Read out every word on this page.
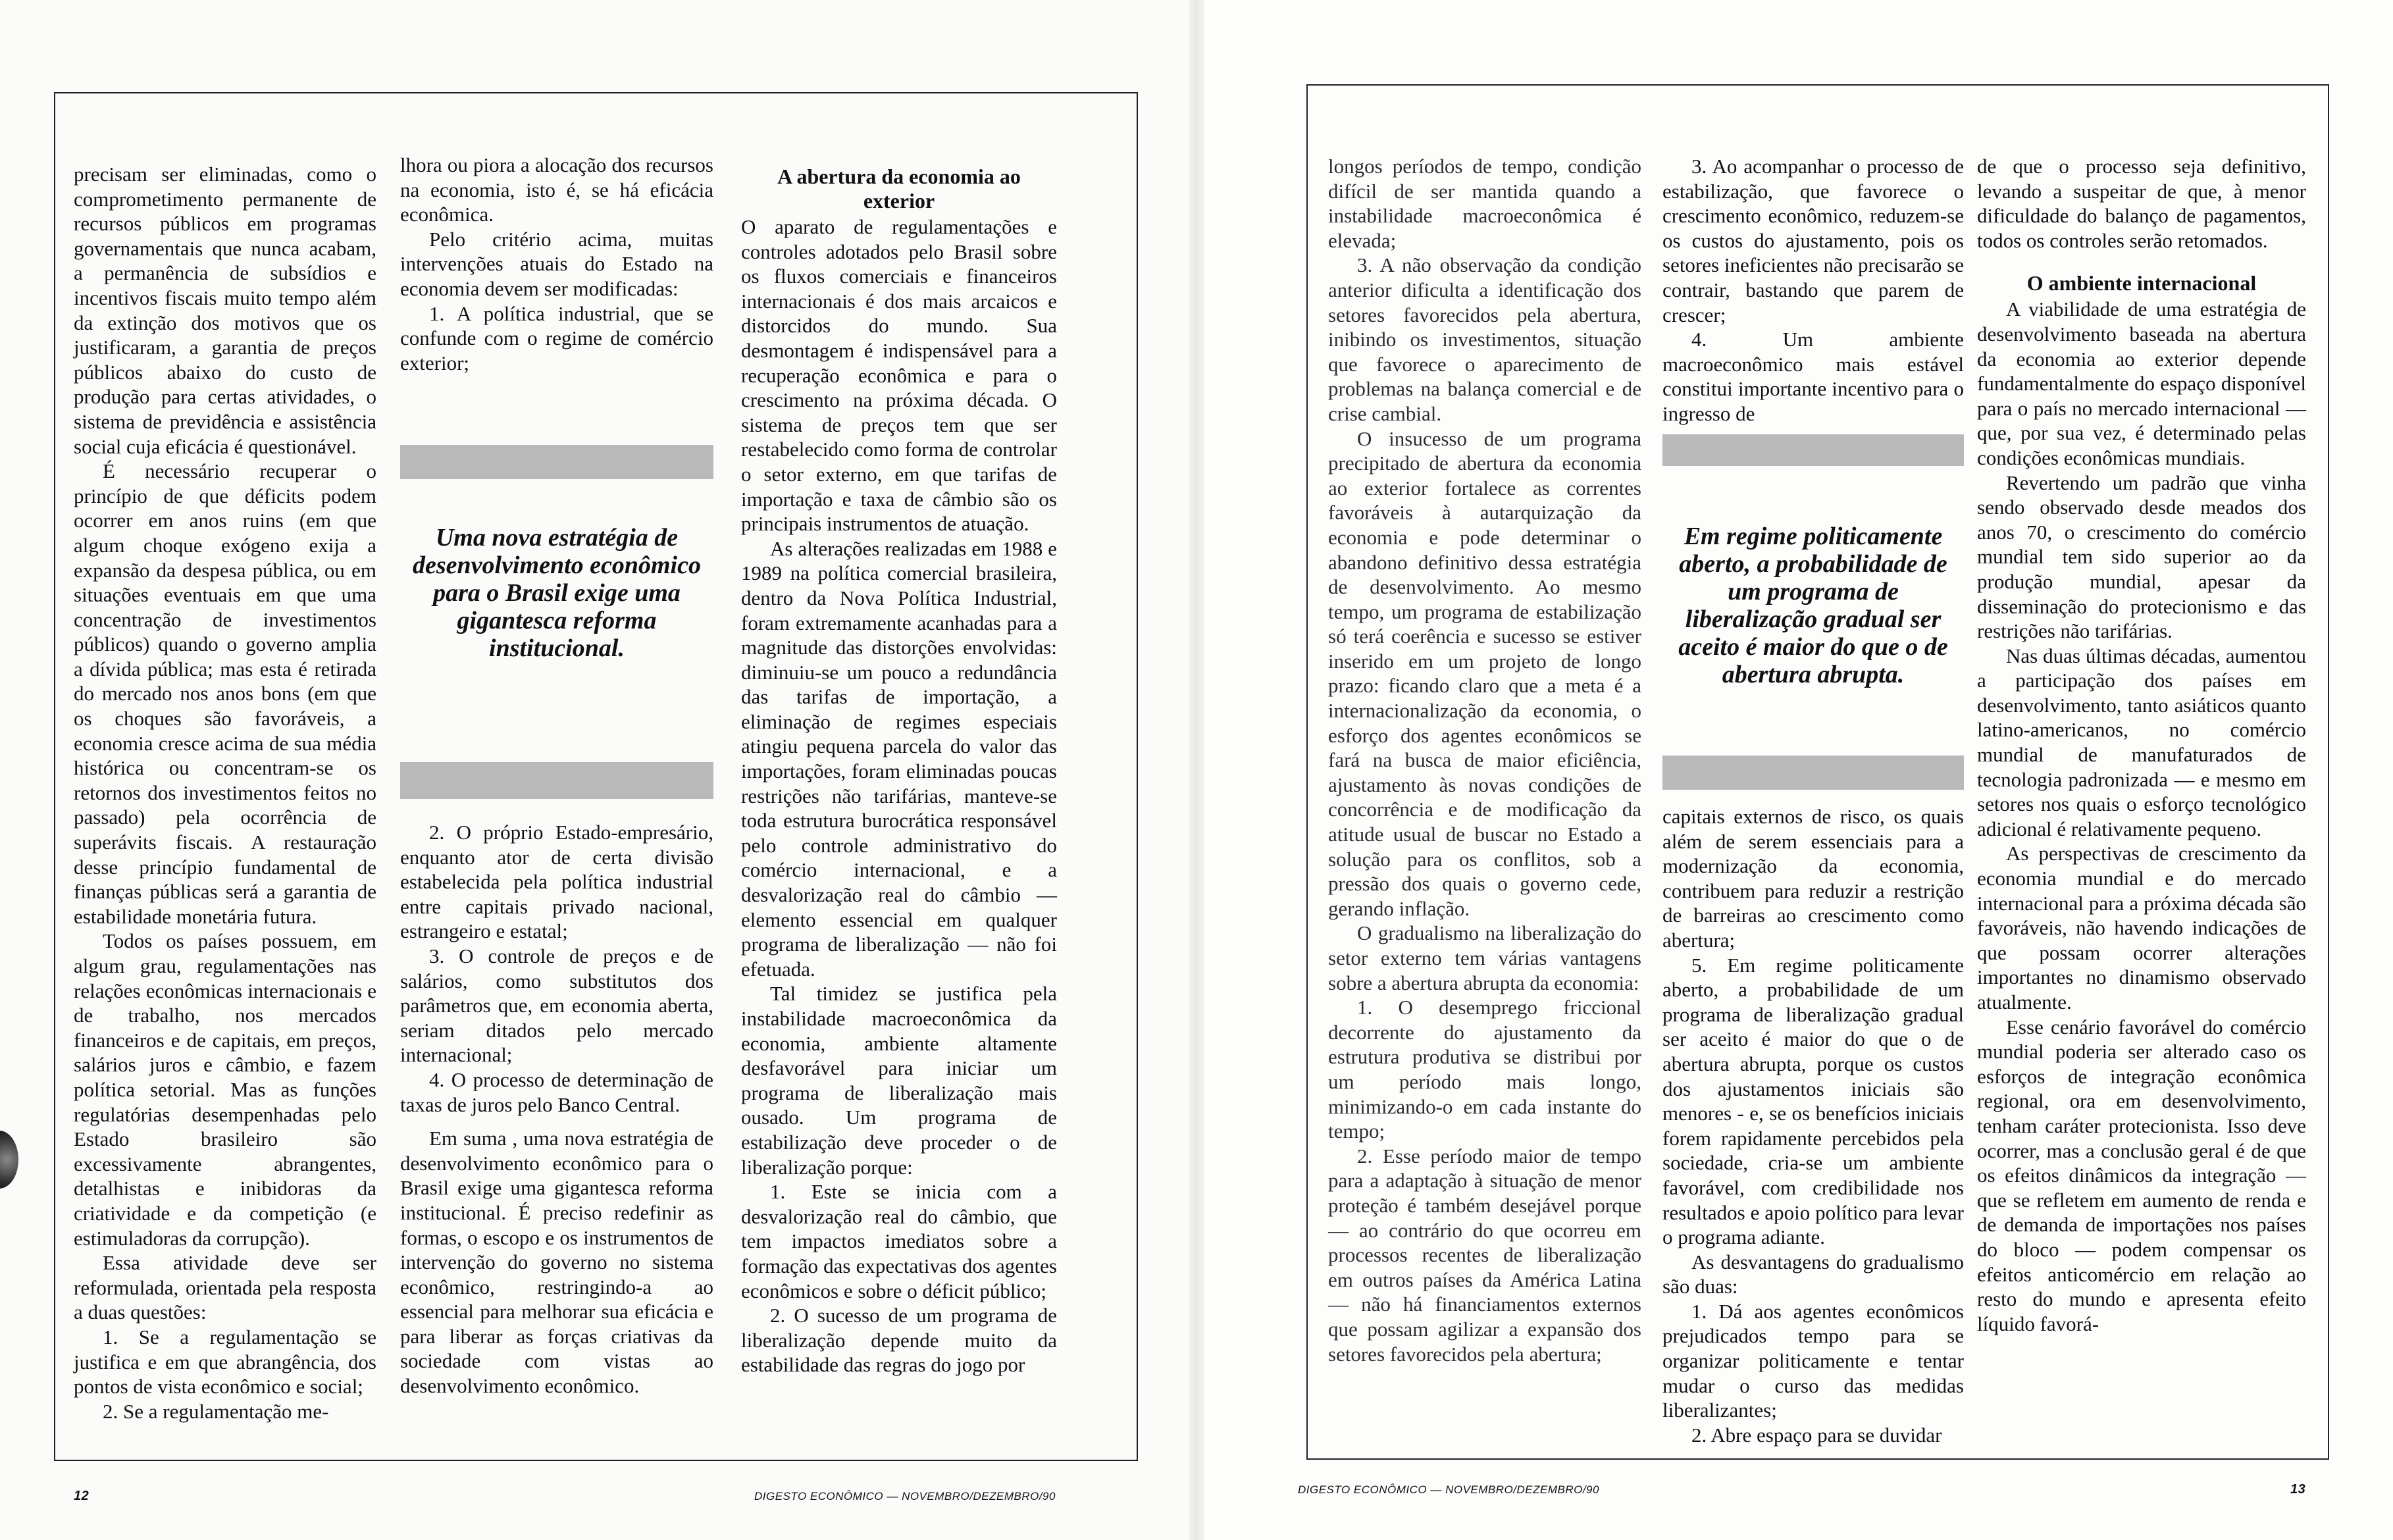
precisam ser eliminadas, como o comprometimento permanente de recursos públicos em programas governamentais que nunca acabam, a permanência de subsídios e incentivos fiscais muito tempo além da extinção dos motivos que os justificaram, a garantia de preços públicos abaixo do custo de produção para certas atividades, o sistema de previdência e assistência social cuja eficácia é questionável.

É necessário recuperar o princípio de que déficits podem ocorrer em anos ruins (em que algum choque exógeno exija a expansão da despesa pública, ou em situações eventuais em que uma concentração de investimentos públicos) quando o governo amplia a dívida pública; mas esta é retirada do mercado nos anos bons (em que os choques são favoráveis, a economia cresce acima de sua média histórica ou concentram-se os retornos dos investimentos feitos no passado) pela ocorrência de superávits fiscais. A restauração desse princípio fundamental de finanças públicas será a garantia de estabilidade monetária futura.

Todos os países possuem, em algum grau, regulamentações nas relações econômicas internacionais e de trabalho, nos mercados financeiros e de capitais, em preços, salários juros e câmbio, e fazem política setorial. Mas as funções regulatórias desempenhadas pelo Estado brasileiro são excessivamente abrangentes, detalhistas e inibidoras da criatividade e da competição (e estimuladoras da corrupção).

Essa atividade deve ser reformulada, orientada pela resposta a duas questões:

1. Se a regulamentação se justifica e em que abrangência, dos pontos de vista econômico e social;

2. Se a regulamentação me-

lhora ou piora a alocação dos recursos na economia, isto é, se há eficácia econômica.

Pelo critério acima, muitas intervenções atuais do Estado na economia devem ser modificadas:

1. A política industrial, que se confunde com o regime de comércio exterior;

Uma nova estratégia de desenvolvimento econômico para o Brasil exige uma gigantesca reforma institucional.

2. O próprio Estado-empresário, enquanto ator de certa divisão estabelecida pela política industrial entre capitais privado nacional, estrangeiro e estatal;

3. O controle de preços e de salários, como substitutos dos parâmetros que, em economia aberta, seriam ditados pelo mercado internacional;

4. O processo de determinação de taxas de juros pelo Banco Central.

Em suma , uma nova estratégia de desenvolvimento econômico para o Brasil exige uma gigantesca reforma institucional. É preciso redefinir as formas, o escopo e os instrumentos de intervenção do governo no sistema econômico, restringindo-a ao essencial para melhorar sua eficácia e para liberar as forças criativas da sociedade com vistas ao desenvolvimento econômico.

A abertura da economia ao exterior

O aparato de regulamentações e controles adotados pelo Brasil sobre os fluxos comerciais e financeiros internacionais é dos mais arcaicos e distorcidos do mundo. Sua desmontagem é indispensável para a recuperação econômica e para o crescimento na próxima década. O sistema de preços tem que ser restabelecido como forma de controlar o setor externo, em que tarifas de importação e taxa de câmbio são os principais instrumentos de atuação.

As alterações realizadas em 1988 e 1989 na política comercial brasileira, dentro da Nova Política Industrial, foram extremamente acanhadas para a magnitude das distorções envolvidas: diminuiu-se um pouco a redundância das tarifas de importação, a eliminação de regimes especiais atingiu pequena parcela do valor das importações, foram eliminadas poucas restrições não tarifárias, manteve-se toda estrutura burocrática responsável pelo controle administrativo do comércio internacional, e a desvalorização real do câmbio — elemento essencial em qualquer programa de liberalização — não foi efetuada.

Tal timidez se justifica pela instabilidade macroeconômica da economia, ambiente altamente desfavorável para iniciar um programa de liberalização mais ousado. Um programa de estabilização deve proceder o de liberalização porque:

1. Este se inicia com a desvalorização real do câmbio, que tem impactos imediatos sobre a formação das expectativas dos agentes econômicos e sobre o déficit público;

2. O sucesso de um programa de liberalização depende muito da estabilidade das regras do jogo por

12	DIGESTO ECONÔMICO — NOVEMBRO/DEZEMBRO/90

longos períodos de tempo, condição difícil de ser mantida quando a instabilidade macroeconômica é elevada;

3. A não observação da condição anterior dificulta a identificação dos setores favorecidos pela abertura, inibindo os investimentos, situação que favorece o aparecimento de problemas na balança comercial e de crise cambial.

O insucesso de um programa precipitado de abertura da economia ao exterior fortalece as correntes favoráveis à autarquização da economia e pode determinar o abandono definitivo dessa estratégia de desenvolvimento. Ao mesmo tempo, um programa de estabilização só terá coerência e sucesso se estiver inserido em um projeto de longo prazo: ficando claro que a meta é a internacionalização da economia, o esforço dos agentes econômicos se fará na busca de maior eficiência, ajustamento às novas condições de concorrência e de modificação da atitude usual de buscar no Estado a solução para os conflitos, sob a pressão dos quais o governo cede, gerando inflação.

O gradualismo na liberalização do setor externo tem várias vantagens sobre a abertura abrupta da economia:

1. O desemprego friccional decorrente do ajustamento da estrutura produtiva se distribui por um período mais longo, minimizando-o em cada instante do tempo;

2. Esse período maior de tempo para a adaptação à situação de menor proteção é também desejável porque — ao contrário do que ocorreu em processos recentes de liberalização em outros países da América Latina — não há financiamentos externos que possam agilizar a expansão dos setores favorecidos pela abertura;

3. Ao acompanhar o processo de estabilização, que favorece o crescimento econômico, reduzem-se os custos do ajustamento, pois os setores ineficientes não precisarão se contrair, bastando que parem de crescer;

4. Um ambiente macroeconômico mais estável constitui importante incentivo para o ingresso de

Em regime politicamente aberto, a probabilidade de um programa de liberalização gradual ser aceito é maior do que o de abertura abrupta.

capitais externos de risco, os quais além de serem essenciais para a modernização da economia, contribuem para reduzir a restrição de barreiras ao crescimento como abertura;

5. Em regime politicamente aberto, a probabilidade de um programa de liberalização gradual ser aceito é maior do que o de abertura abrupta, porque os custos dos ajustamentos iniciais são menores - e, se os benefícios iniciais forem rapidamente percebidos pela sociedade, cria-se um ambiente favorável, com credibilidade nos resultados e apoio político para levar o programa adiante.

As desvantagens do gradualismo são duas:

1. Dá aos agentes econômicos prejudicados tempo para se organizar politicamente e tentar mudar o curso das medidas liberalizantes;

2. Abre espaço para se duvidar

de que o processo seja definitivo, levando a suspeitar de que, à menor dificuldade do balanço de pagamentos, todos os controles serão retomados.

O ambiente internacional

A viabilidade de uma estratégia de desenvolvimento baseada na abertura da economia ao exterior depende fundamentalmente do espaço disponível para o país no mercado internacional — que, por sua vez, é determinado pelas condições econômicas mundiais.

Revertendo um padrão que vinha sendo observado desde meados dos anos 70, o crescimento do comércio mundial tem sido superior ao da produção mundial, apesar da disseminação do protecionismo e das restrições não tarifárias.

Nas duas últimas décadas, aumentou a participação dos países em desenvolvimento, tanto asiáticos quanto latino-americanos, no comércio mundial de manufaturados de tecnologia padronizada — e mesmo em setores nos quais o esforço tecnológico adicional é relativamente pequeno.

As perspectivas de crescimento da economia mundial e do mercado internacional para a próxima década são favoráveis, não havendo indicações de que possam ocorrer alterações importantes no dinamismo observado atualmente.

Esse cenário favorável do comércio mundial poderia ser alterado caso os esforços de integração econômica regional, ora em desenvolvimento, tenham caráter protecionista. Isso deve ocorrer, mas a conclusão geral é de que os efeitos dinâmicos da integração — que se refletem em aumento de renda e de demanda de importações nos países do bloco — podem compensar os efeitos anticomércio em relação ao resto do mundo e apresenta efeito líquido favorá-

DIGESTO ECONÔMICO — NOVEMBRO/DEZEMBRO/90	13
